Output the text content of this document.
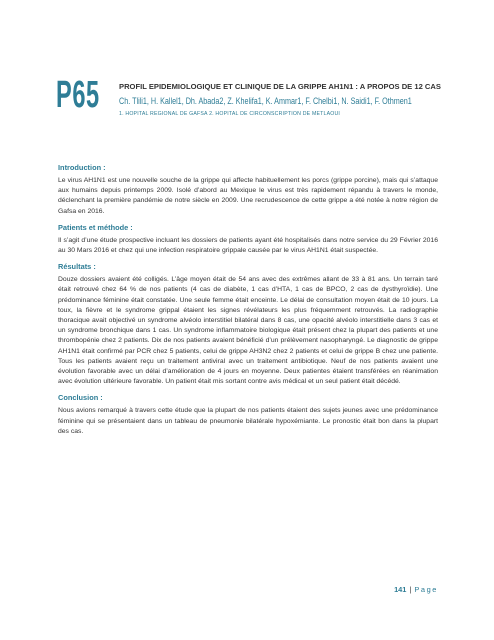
P65	PROFIL EPIDEMIOLOGIQUE ET CLINIQUE DE LA GRIPPE AH1N1 : A PROPOS DE 12 CAS
Ch. Tlili1, H. Kallel1, Dh. Abada2, Z. Khelifa1, K. Ammar1, F. Chelbi1, N. Saidi1, F. Othmen1
1. HOPITAL REGIONAL DE GAFSA 2. HOPITAL DE CIRCONSCRIPTION DE METLAOUI
Introduction :
Le virus AH1N1 est une nouvelle souche de la grippe qui affecte habituellement les porcs (grippe porcine), mais qui s’attaque aux humains depuis printemps 2009. Isolé d’abord au Mexique le virus est très rapidement répandu à travers le monde, déclenchant la première pandémie de notre siècle en 2009. Une recrudescence de cette grippe a été notée à notre région de Gafsa en 2016.
Patients et méthode :
Il s’agit d’une étude prospective incluant les dossiers de patients ayant été hospitalisés dans notre service du 29 Février 2016 au 30 Mars 2016 et chez qui une infection respiratoire grippale causée par le virus AH1N1 était suspectée.
Résultats :
Douze dossiers avaient été colligés. L’âge moyen était de 54 ans avec des extrêmes allant de 33 à 81 ans. Un terrain taré était retrouvé chez 64 % de nos patients (4 cas de diabète, 1 cas d’HTA, 1 cas de BPCO, 2 cas de dysthyroïdie). Une prédominance féminine était constatée. Une seule femme était enceinte. Le délai de consultation moyen était de 10 jours. La toux, la fièvre et le syndrome grippal étaient les signes révélateurs les plus fréquemment retrouvés. La radiographie thoracique avait objectivé un syndrome alvéolo interstitiel bilatéral dans 8 cas, une opacité alvéolo interstitielle dans 3 cas et un syndrome bronchique dans 1 cas. Un syndrome inflammatoire biologique était présent chez la plupart des patients et une thrombopénie chez 2 patients. Dix de nos patients avaient bénéficié d’un prélèvement nasopharyngé. Le diagnostic de grippe AH1N1 était confirmé par PCR chez 5 patients, celui de grippe AH3N2 chez 2 patients et celui de grippe B chez une patiente. Tous les patients avaient reçu un traitement antiviral avec un traitement antibiotique. Neuf de nos patients avaient une évolution favorable avec un délai d’amélioration de 4 jours en moyenne. Deux patientes étaient transférées en réanimation avec évolution ultérieure favorable. Un patient était mis sortant contre avis médical et un seul patient était décédé.
Conclusion :
Nous avions remarqué à travers cette étude que la plupart de nos patients étaient des sujets jeunes avec une prédominance féminine qui se présentaient dans un tableau de pneumonie bilatérale hypoxémiante. Le pronostic était bon dans la plupart des cas.
141 | Page
